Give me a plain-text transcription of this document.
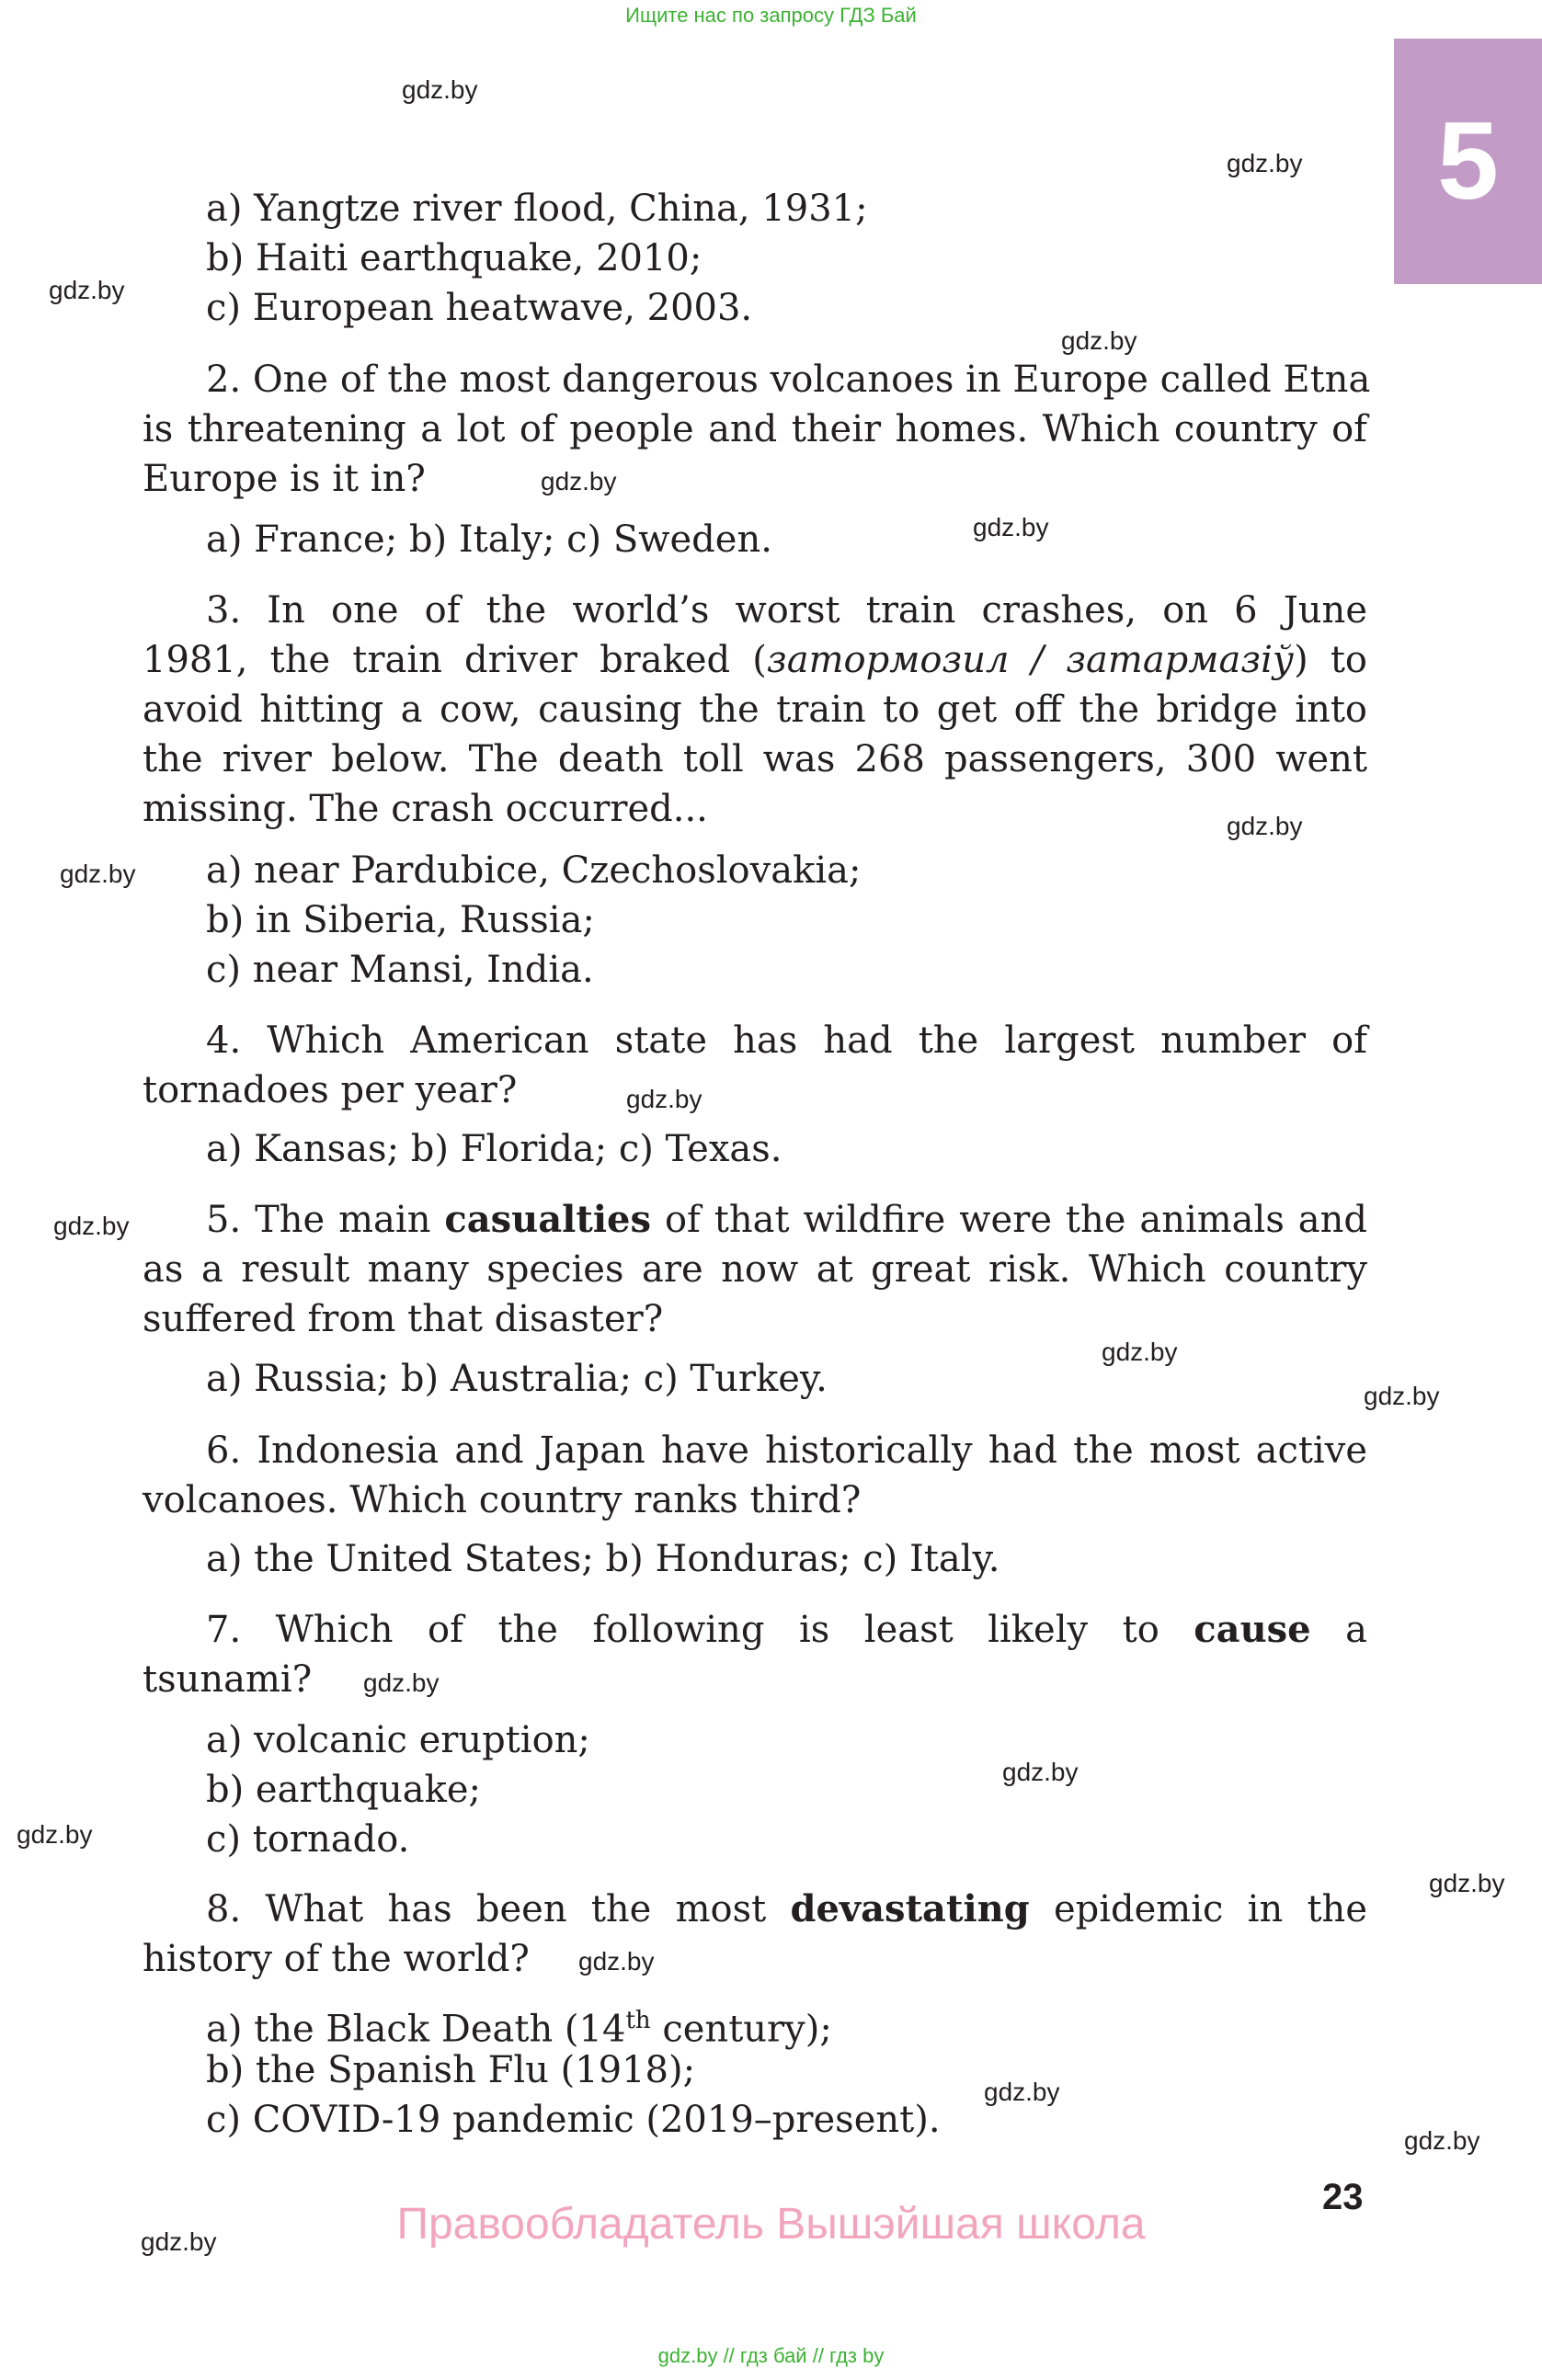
Ищите нас по запросу ГДЗ Бай
5
gdz.by
gdz.by
gdz.by
gdz.by
gdz.by
gdz.by
gdz.by
gdz.by
gdz.by
gdz.by
gdz.by
gdz.by
gdz.by
gdz.by
gdz.by
gdz.by
gdz.by
gdz.by
gdz.by
gdz.by
a) Yangtze river flood, China, 1931;
b) Haiti earthquake, 2010;
c) European heatwave, 2003.
2. One of the most dangerous volcanoes in Europe called Etna
is threatening a lot of people and their homes. Which country of
Europe is it in?
a) France; b) Italy; c) Sweden.
3. In one of the world’s worst train crashes, on 6 June
1981, the train driver braked (затормозил / затармазіў) to
avoid hitting a cow, causing the train to get off the bridge into
the river below. The death toll was 268 passengers, 300 went
missing. The crash occurred...
a) near Pardubice, Czechoslovakia;
b) in Siberia, Russia;
c) near Mansi, India.
4. Which American state has had the largest number of
tornadoes per year?
a) Kansas; b) Florida; c) Texas.
5. The main casualties of that wildfire were the animals and
as a result many species are now at great risk. Which country
suffered from that disaster?
a) Russia; b) Australia; c) Turkey.
6. Indonesia and Japan have historically had the most active
volcanoes. Which country ranks third?
a) the United States; b) Honduras; c) Italy.
7. Which of the following is least likely to cause a
tsunami?
a) volcanic eruption;
b) earthquake;
c) tornado.
8. What has been the most devastating epidemic in the
history of the world?
a) the Black Death (14th century);
b) the Spanish Flu (1918);
c) COVID-19 pandemic (2019–present).
23
Правообладатель Вышэйшая школа
gdz.by // гдз бай // гдз by
